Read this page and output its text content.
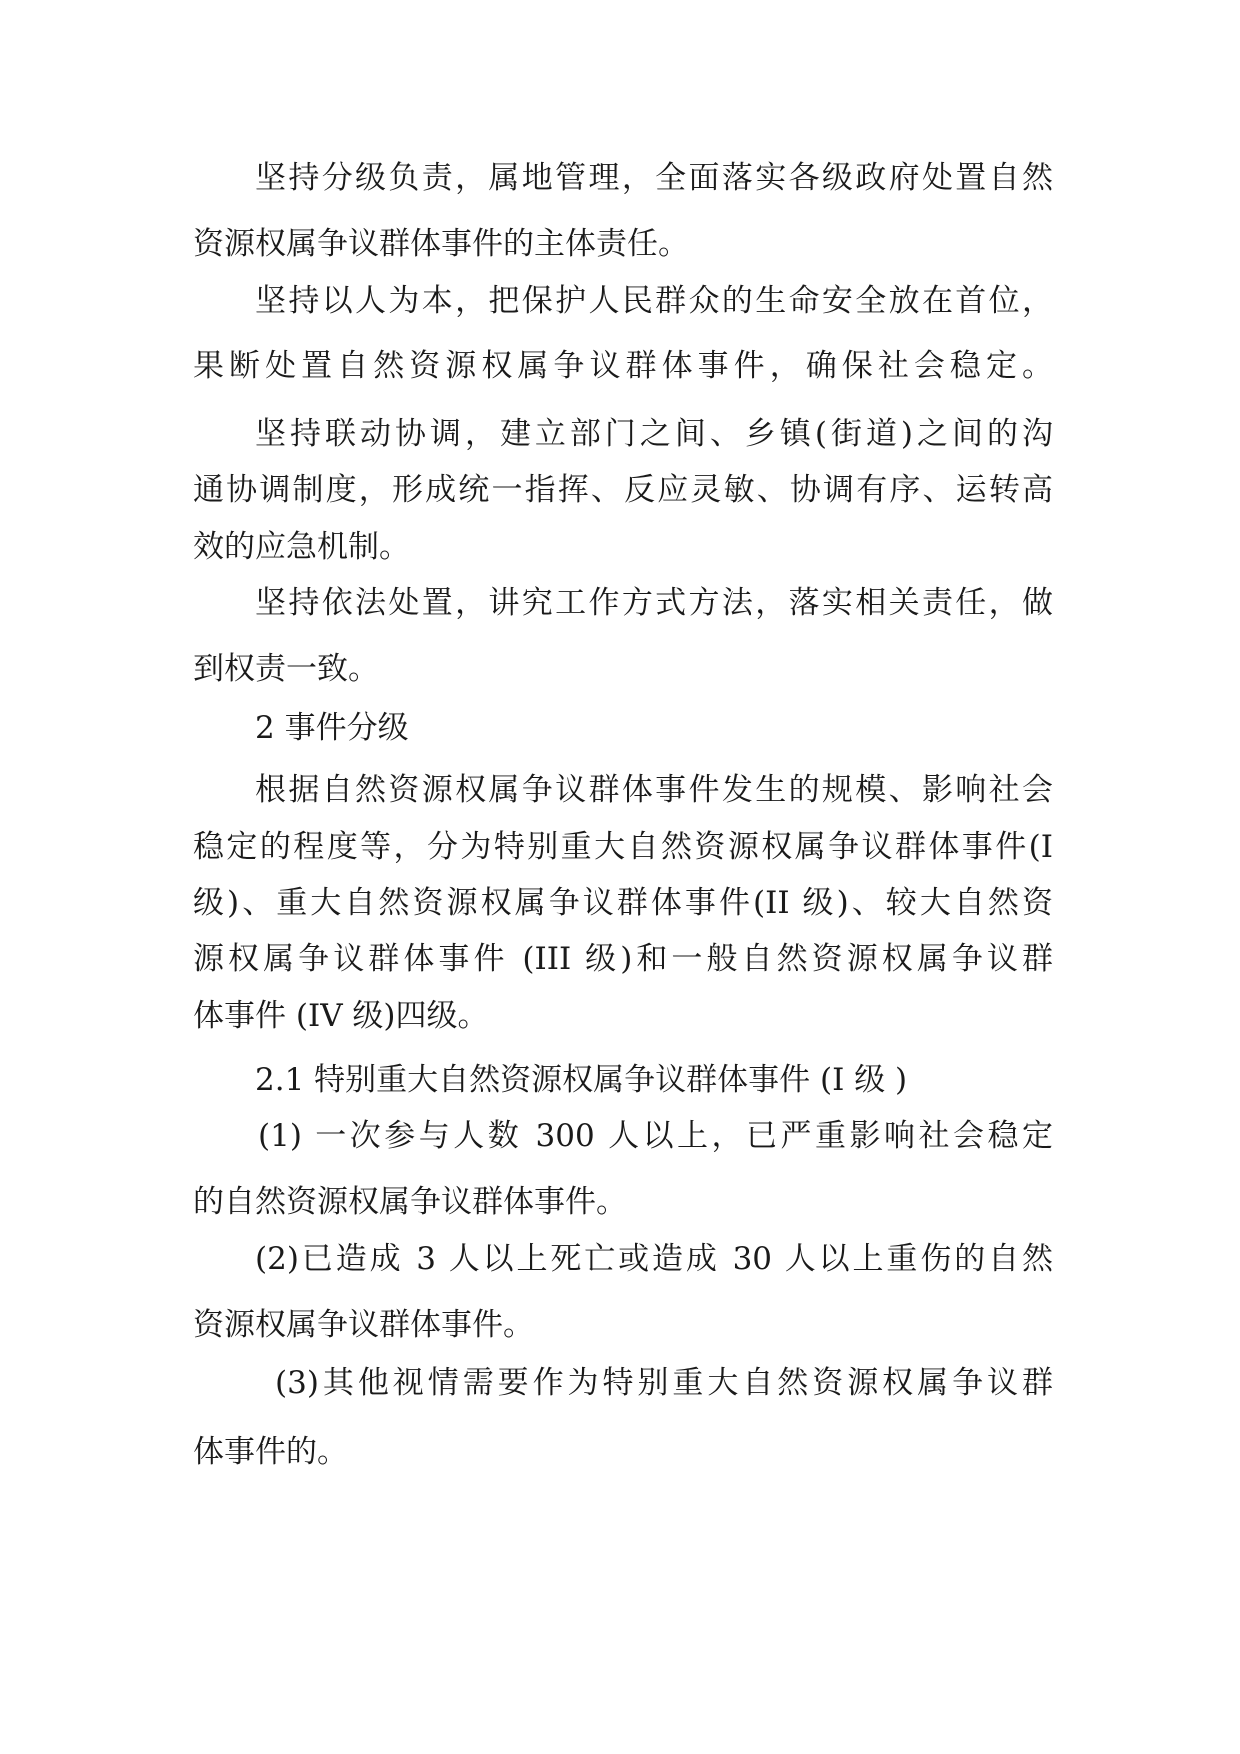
坚持分级负责，属地管理，全面落实各级政府处置自然

资源权属争议群体事件的主体责任。

坚持以人为本，把保护人民群众的生命安全放在首位，

果断处置自然资源权属争议群体事件，确保社会稳定。

坚持联动协调，建立部门之间、乡镇(街道)之间的沟

通协调制度，形成统一指挥、反应灵敏、协调有序、运转高

效的应急机制。

坚持依法处置，讲究工作方式方法，落实相关责任，做

到权责一致。

2 事件分级

根据自然资源权属争议群体事件发生的规模、影响社会

稳定的程度等，分为特别重大自然资源权属争议群体事件(I

级)、重大自然资源权属争议群体事件(II 级)、较大自然资

源权属争议群体事件 (III 级)和一般自然资源权属争议群

体事件 (IV 级)四级。

2.1 特别重大自然资源权属争议群体事件 (I 级 )

(1) 一次参与人数 300 人以上，已严重影响社会稳定

的自然资源权属争议群体事件。

(2)已造成 3 人以上死亡或造成 30 人以上重伤的自然

资源权属争议群体事件。

(3)其他视情需要作为特别重大自然资源权属争议群

体事件的。
